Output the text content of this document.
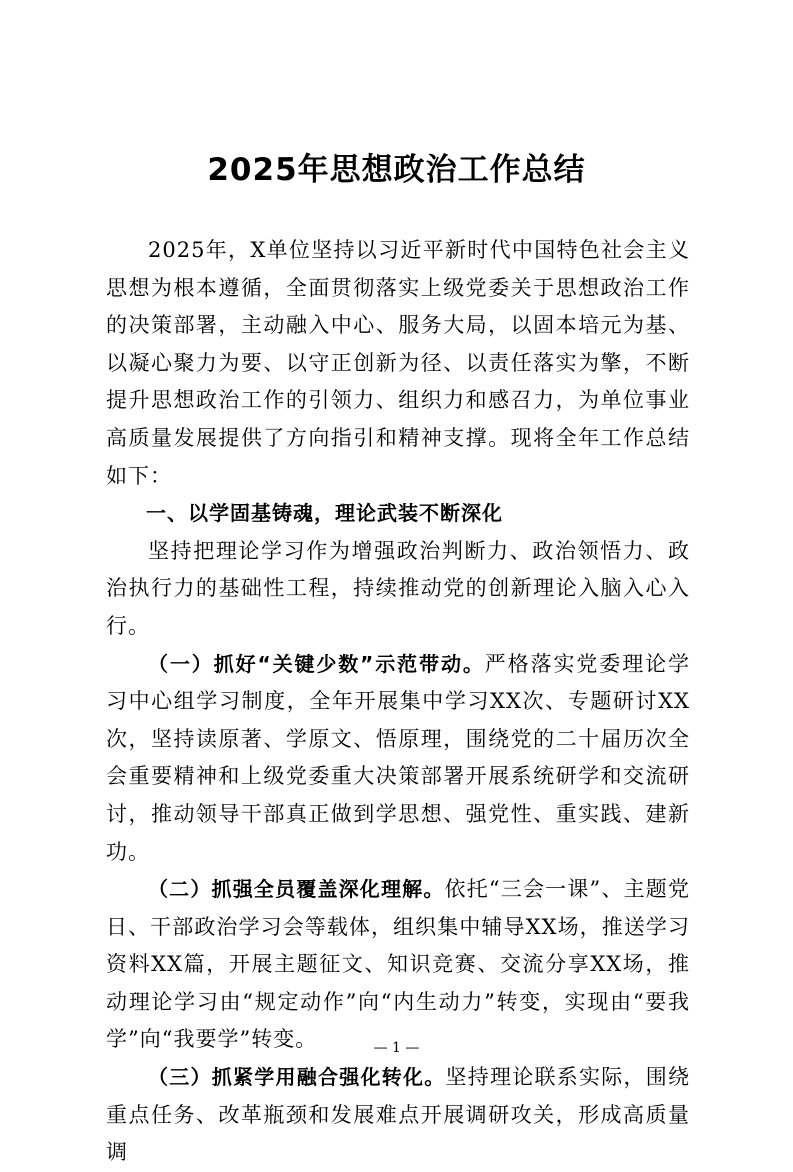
2025年思想政治工作总结

2025年，X单位坚持以习近平新时代中国特色社会主义思想为根本遵循，全面贯彻落实上级党委关于思想政治工作的决策部署，主动融入中心、服务大局，以固本培元为基、以凝心聚力为要、以守正创新为径、以责任落实为擎，不断提升思想政治工作的引领力、组织力和感召力，为单位事业高质量发展提供了方向指引和精神支撑。现将全年工作总结如下：

一、以学固基铸魂，理论武装不断深化

坚持把理论学习作为增强政治判断力、政治领悟力、政治执行力的基础性工程，持续推动党的创新理论入脑入心入行。

（一）抓好“关键少数”示范带动。严格落实党委理论学习中心组学习制度，全年开展集中学习XX次、专题研讨XX次，坚持读原著、学原文、悟原理，围绕党的二十届历次全会重要精神和上级党委重大决策部署开展系统研学和交流研讨，推动领导干部真正做到学思想、强党性、重实践、建新功。

（二）抓强全员覆盖深化理解。依托“三会一课”、主题党日、干部政治学习会等载体，组织集中辅导XX场，推送学习资料XX篇，开展主题征文、知识竞赛、交流分享XX场，推动理论学习由“规定动作”向“内生动力”转变，实现由“要我学”向“我要学”转变。

（三）抓紧学用融合强化转化。坚持理论联系实际，围绕重点任务、改革瓶颈和发展难点开展调研攻关，形成高质量调

— 1 —
